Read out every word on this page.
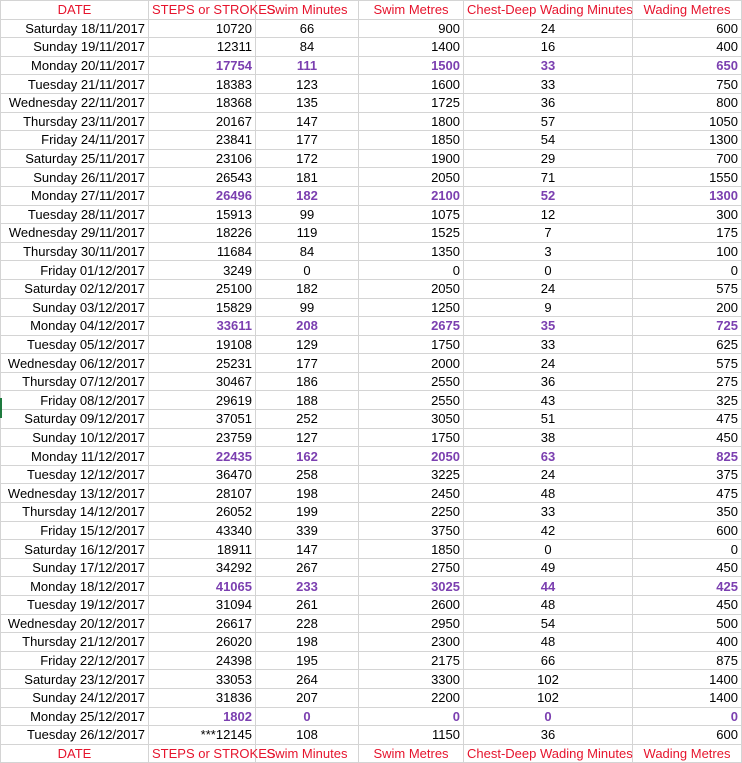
DATE	STEPS or STROKES	Swim Minutes	Swim Metres	Chest-Deep Wading Minutes	Wading Metres
Saturday 18/11/2017	10720	66	900	24	600
Sunday 19/11/2017	12311	84	1400	16	400
Monday 20/11/2017	17754	111	1500	33	650
Tuesday 21/11/2017	18383	123	1600	33	750
Wednesday 22/11/2017	18368	135	1725	36	800
Thursday 23/11/2017	20167	147	1800	57	1050
Friday 24/11/2017	23841	177	1850	54	1300
Saturday 25/11/2017	23106	172	1900	29	700
Sunday 26/11/2017	26543	181	2050	71	1550
Monday 27/11/2017	26496	182	2100	52	1300
Tuesday 28/11/2017	15913	99	1075	12	300
Wednesday 29/11/2017	18226	119	1525	7	175
Thursday 30/11/2017	11684	84	1350	3	100
Friday 01/12/2017	3249	0	0	0	0
Saturday 02/12/2017	25100	182	2050	24	575
Sunday 03/12/2017	15829	99	1250	9	200
Monday 04/12/2017	33611	208	2675	35	725
Tuesday 05/12/2017	19108	129	1750	33	625
Wednesday 06/12/2017	25231	177	2000	24	575
Thursday 07/12/2017	30467	186	2550	36	275
Friday 08/12/2017	29619	188	2550	43	325
Saturday 09/12/2017	37051	252	3050	51	475
Sunday 10/12/2017	23759	127	1750	38	450
Monday 11/12/2017	22435	162	2050	63	825
Tuesday 12/12/2017	36470	258	3225	24	375
Wednesday 13/12/2017	28107	198	2450	48	475
Thursday 14/12/2017	26052	199	2250	33	350
Friday 15/12/2017	43340	339	3750	42	600
Saturday 16/12/2017	18911	147	1850	0	0
Sunday 17/12/2017	34292	267	2750	49	450
Monday 18/12/2017	41065	233	3025	44	425
Tuesday 19/12/2017	31094	261	2600	48	450
Wednesday 20/12/2017	26617	228	2950	54	500
Thursday 21/12/2017	26020	198	2300	48	400
Friday 22/12/2017	24398	195	2175	66	875
Saturday 23/12/2017	33053	264	3300	102	1400
Sunday 24/12/2017	31836	207	2200	102	1400
Monday 25/12/2017	1802	0	0	0	0
Tuesday 26/12/2017	***12145	108	1150	36	600
DATE	STEPS or STROKES	Swim Minutes	Swim Metres	Chest-Deep Wading Minutes	Wading Metres
